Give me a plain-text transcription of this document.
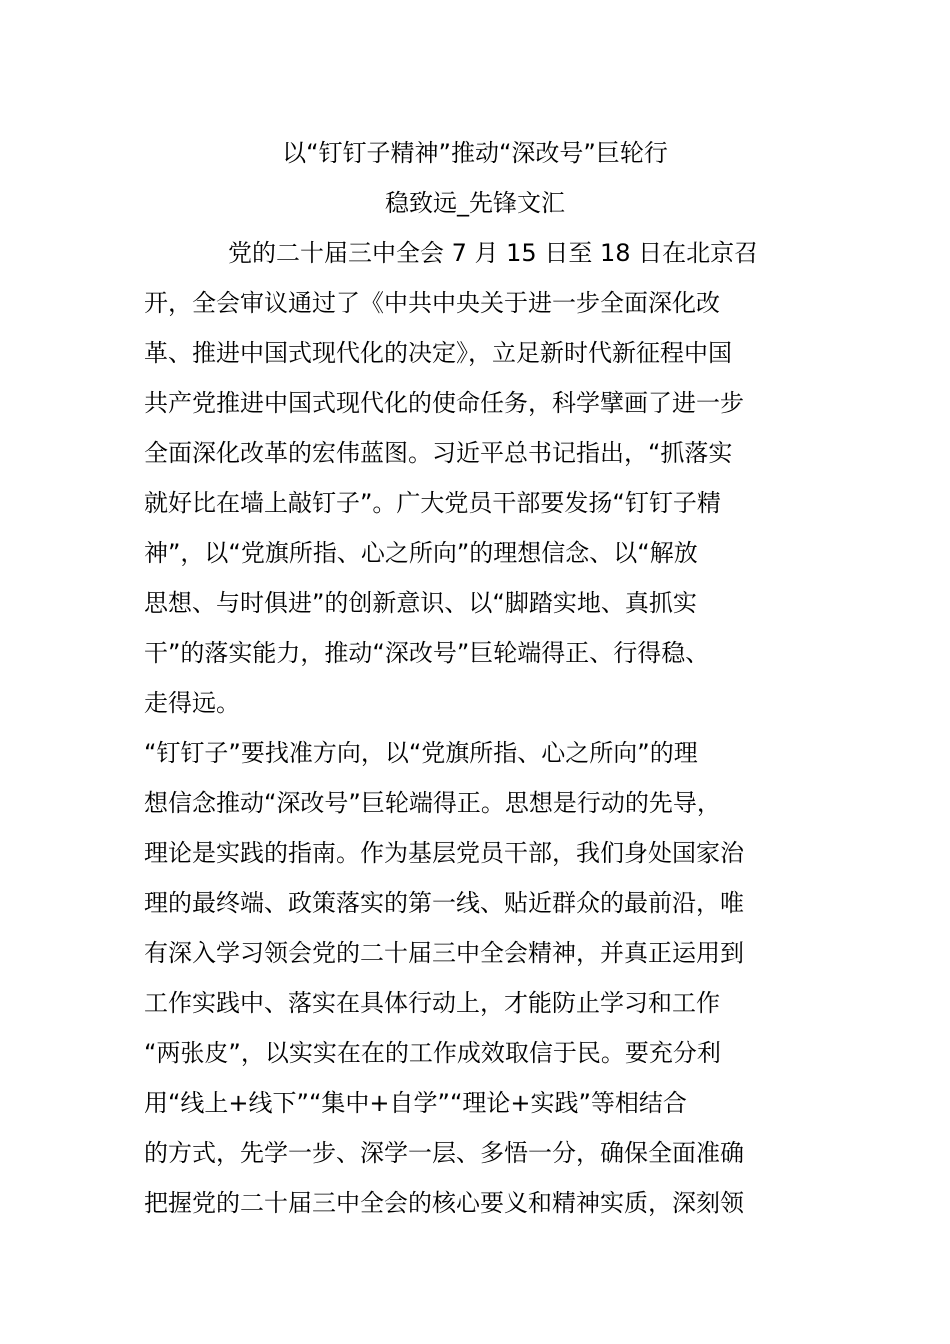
以“钉钉子精神”推动“深改号”巨轮行
稳致远_先锋文汇
党的二十届三中全会 7 月 15 日至 18 日在北京召
开，全会审议通过了《中共中央关于进一步全面深化改
革、推进中国式现代化的决定》，立足新时代新征程中国
共产党推进中国式现代化的使命任务，科学擘画了进一步
全面深化改革的宏伟蓝图。习近平总书记指出，“抓落实
就好比在墙上敲钉子”。广大党员干部要发扬“钉钉子精
神”，以“党旗所指、心之所向”的理想信念、以“解放
思想、与时俱进”的创新意识、以“脚踏实地、真抓实
干”的落实能力，推动“深改号”巨轮端得正、行得稳、
走得远。
“钉钉子”要找准方向，以“党旗所指、心之所向”的理
想信念推动“深改号”巨轮端得正。思想是行动的先导，
理论是实践的指南。作为基层党员干部，我们身处国家治
理的最终端、政策落实的第一线、贴近群众的最前沿，唯
有深入学习领会党的二十届三中全会精神，并真正运用到
工作实践中、落实在具体行动上，才能防止学习和工作
“两张皮”，以实实在在的工作成效取信于民。要充分利
用“线上+线下”“集中+自学”“理论+实践”等相结合
的方式，先学一步、深学一层、多悟一分，确保全面准确
把握党的二十届三中全会的核心要义和精神实质，深刻领
